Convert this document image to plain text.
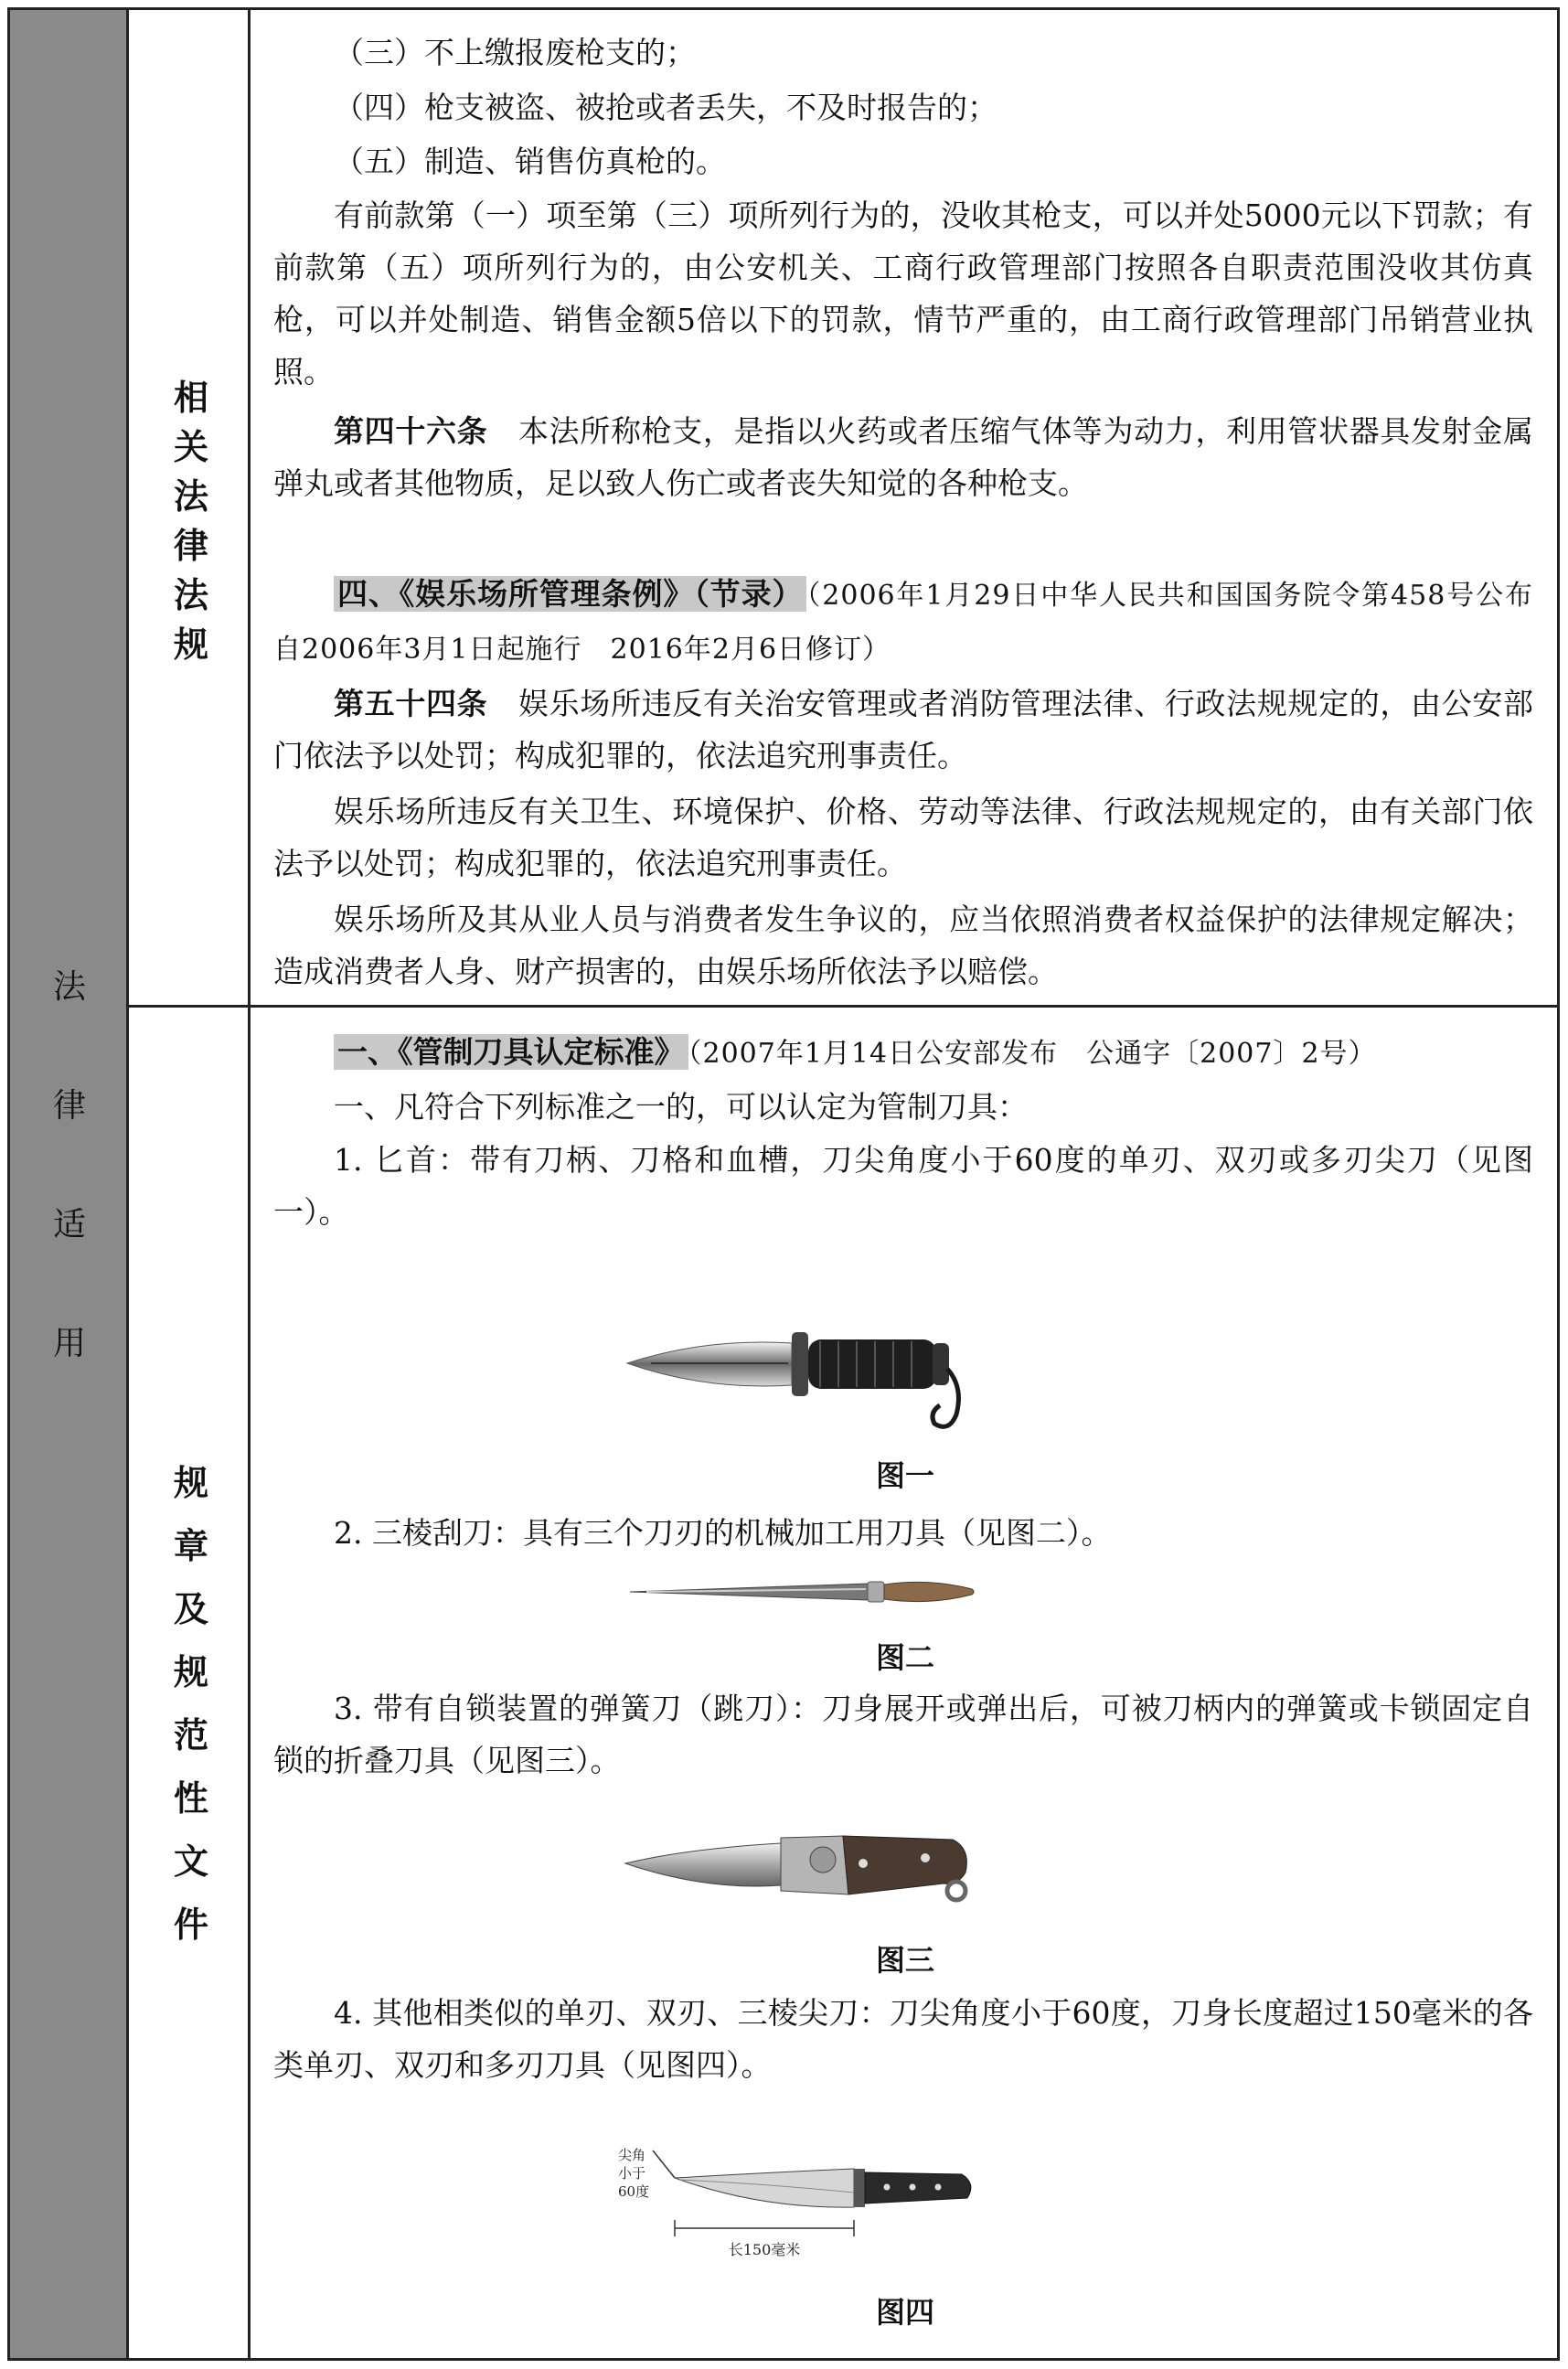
法
律
适
用
相
关
法
律
法
规
规
章
及
规
范
性
文
件
（三）不上缴报废枪支的；
（四）枪支被盗、被抢或者丢失，不及时报告的；
（五）制造、销售仿真枪的。
有前款第（一）项至第（三）项所列行为的，没收其枪支，可以并处5000元以下罚款；有前款第（五）项所列行为的，由公安机关、工商行政管理部门按照各自职责范围没收其仿真枪，可以并处制造、销售金额5倍以下的罚款，情节严重的，由工商行政管理部门吊销营业执照。
第四十六条　 本法所称枪支，是指以火药或者压缩气体等为动力，利用管状器具发射金属弹丸或者其他物质，足以致人伤亡或者丧失知觉的各种枪支。
四、《娱乐场所管理条例》（节录） （2006年1月29日中华人民共和国国务院令第458号公布　自2006年3月1日起施行　2016年2月6日修订）
第五十四条　 娱乐场所违反有关治安管理或者消防管理法律、行政法规规定的，由公安部门依法予以处罚；构成犯罪的，依法追究刑事责任。
娱乐场所违反有关卫生、环境保护、价格、劳动等法律、行政法规规定的，由有关部门依法予以处罚；构成犯罪的，依法追究刑事责任。
娱乐场所及其从业人员与消费者发生争议的，应当依照消费者权益保护的法律规定解决；造成消费者人身、财产损害的，由娱乐场所依法予以赔偿。
一、《管制刀具认定标准》 （2007年1月14日公安部发布　公通字〔2007〕2号）
一、凡符合下列标准之一的，可以认定为管制刀具：
1. 匕首：带有刀柄、刀格和血槽，刀尖角度小于60度的单刃、双刃或多刃尖刀（见图一）。
图一
2. 三棱刮刀：具有三个刀刃的机械加工用刀具（见图二）。
图二
3. 带有自锁装置的弹簧刀（跳刀）：刀身展开或弹出后，可被刀柄内的弹簧或卡锁固定自锁的折叠刀具（见图三）。
图三
4. 其他相类似的单刃、双刃、三棱尖刀：刀尖角度小于60度，刀身长度超过150毫米的各类单刃、双刃和多刃刀具（见图四）。
尖角
小于
60度
长150毫米
图四
